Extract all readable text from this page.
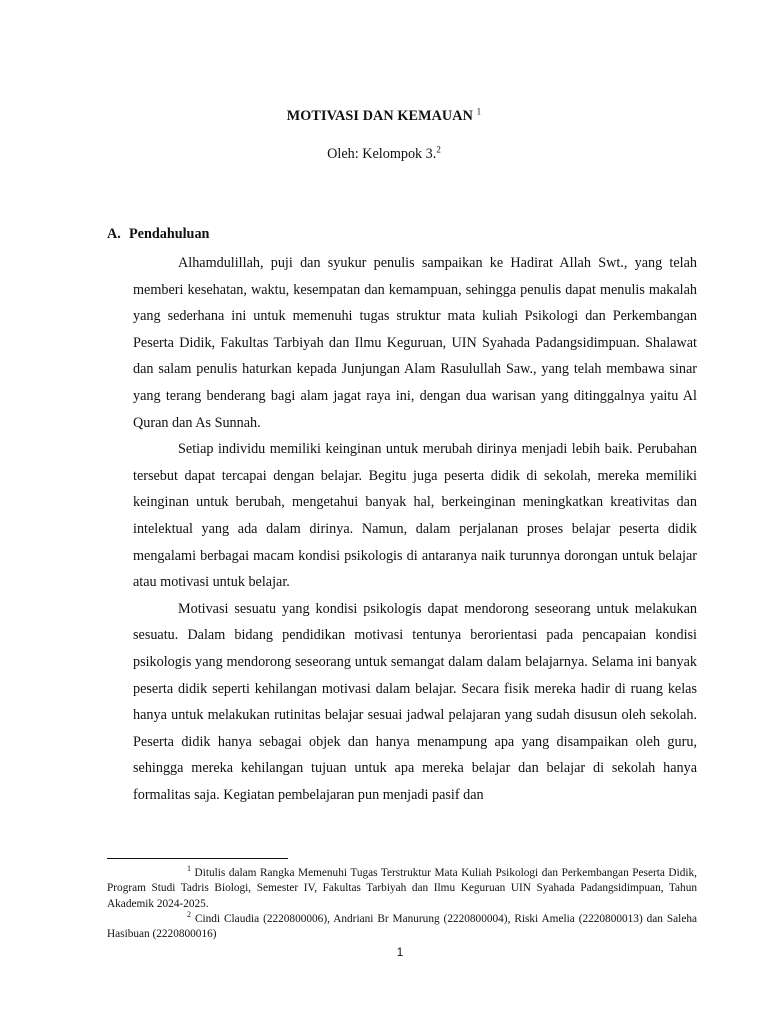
MOTIVASI DAN KEMAUAN $^1$
Oleh: Kelompok 3.$^2$
A. Pendahuluan

Alhamdulillah, puji dan syukur penulis sampaikan ke Hadirat Allah Swt., yang telah memberi kesehatan, waktu, kesempatan dan kemampuan, sehingga penulis dapat menulis makalah yang sederhana ini untuk memenuhi tugas struktur mata kuliah Psikologi dan Perkembangan Peserta Didik, Fakultas Tarbiyah dan Ilmu Keguruan, UIN Syahada Padangsidimpuan. Shalawat dan salam penulis haturkan kepada Junjungan Alam Rasulullah Saw., yang telah membawa sinar yang terang benderang bagi alam jagat raya ini, dengan dua warisan yang ditinggalnya yaitu Al Quran dan As Sunnah.

Setiap individu memiliki keinginan untuk merubah dirinya menjadi lebih baik. Perubahan tersebut dapat tercapai dengan belajar. Begitu juga peserta didik di sekolah, mereka memiliki keinginan untuk berubah, mengetahui banyak hal, berkeinginan meningkatkan kreativitas dan intelektual yang ada dalam dirinya. Namun, dalam perjalanan proses belajar peserta didik mengalami berbagai macam kondisi psikologis di antaranya naik turunnya dorongan untuk belajar atau motivasi untuk belajar.

Motivasi sesuatu yang kondisi psikologis dapat mendorong seseorang untuk melakukan sesuatu. Dalam bidang pendidikan motivasi tentunya berorientasi pada pencapaian kondisi psikologis yang mendorong seseorang untuk semangat dalam dalam belajarnya. Selama ini banyak peserta didik seperti kehilangan motivasi dalam belajar. Secara fisik mereka hadir di ruang kelas hanya untuk melakukan rutinitas belajar sesuai jadwal pelajaran yang sudah disusun oleh sekolah. Peserta didik hanya sebagai objek dan hanya menampung apa yang disampaikan oleh guru, sehingga mereka kehilangan tujuan untuk apa mereka belajar dan belajar di sekolah hanya formalitas saja. Kegiatan pembelajaran pun menjadi pasif dan

$^1$ Ditulis dalam Rangka Memenuhi Tugas Terstruktur Mata Kuliah Psikologi dan Perkembangan Peserta Didik, Program Studi Tadris Biologi, Semester IV, Fakultas Tarbiyah dan Ilmu Keguruan UIN Syahada Padangsidimpuan, Tahun Akademik 2024-2025.

$^2$ Cindi Claudia (2220800006), Andriani Br Manurung (2220800004), Riski Amelia (2220800013) dan Saleha Hasibuan (2220800016)

1
